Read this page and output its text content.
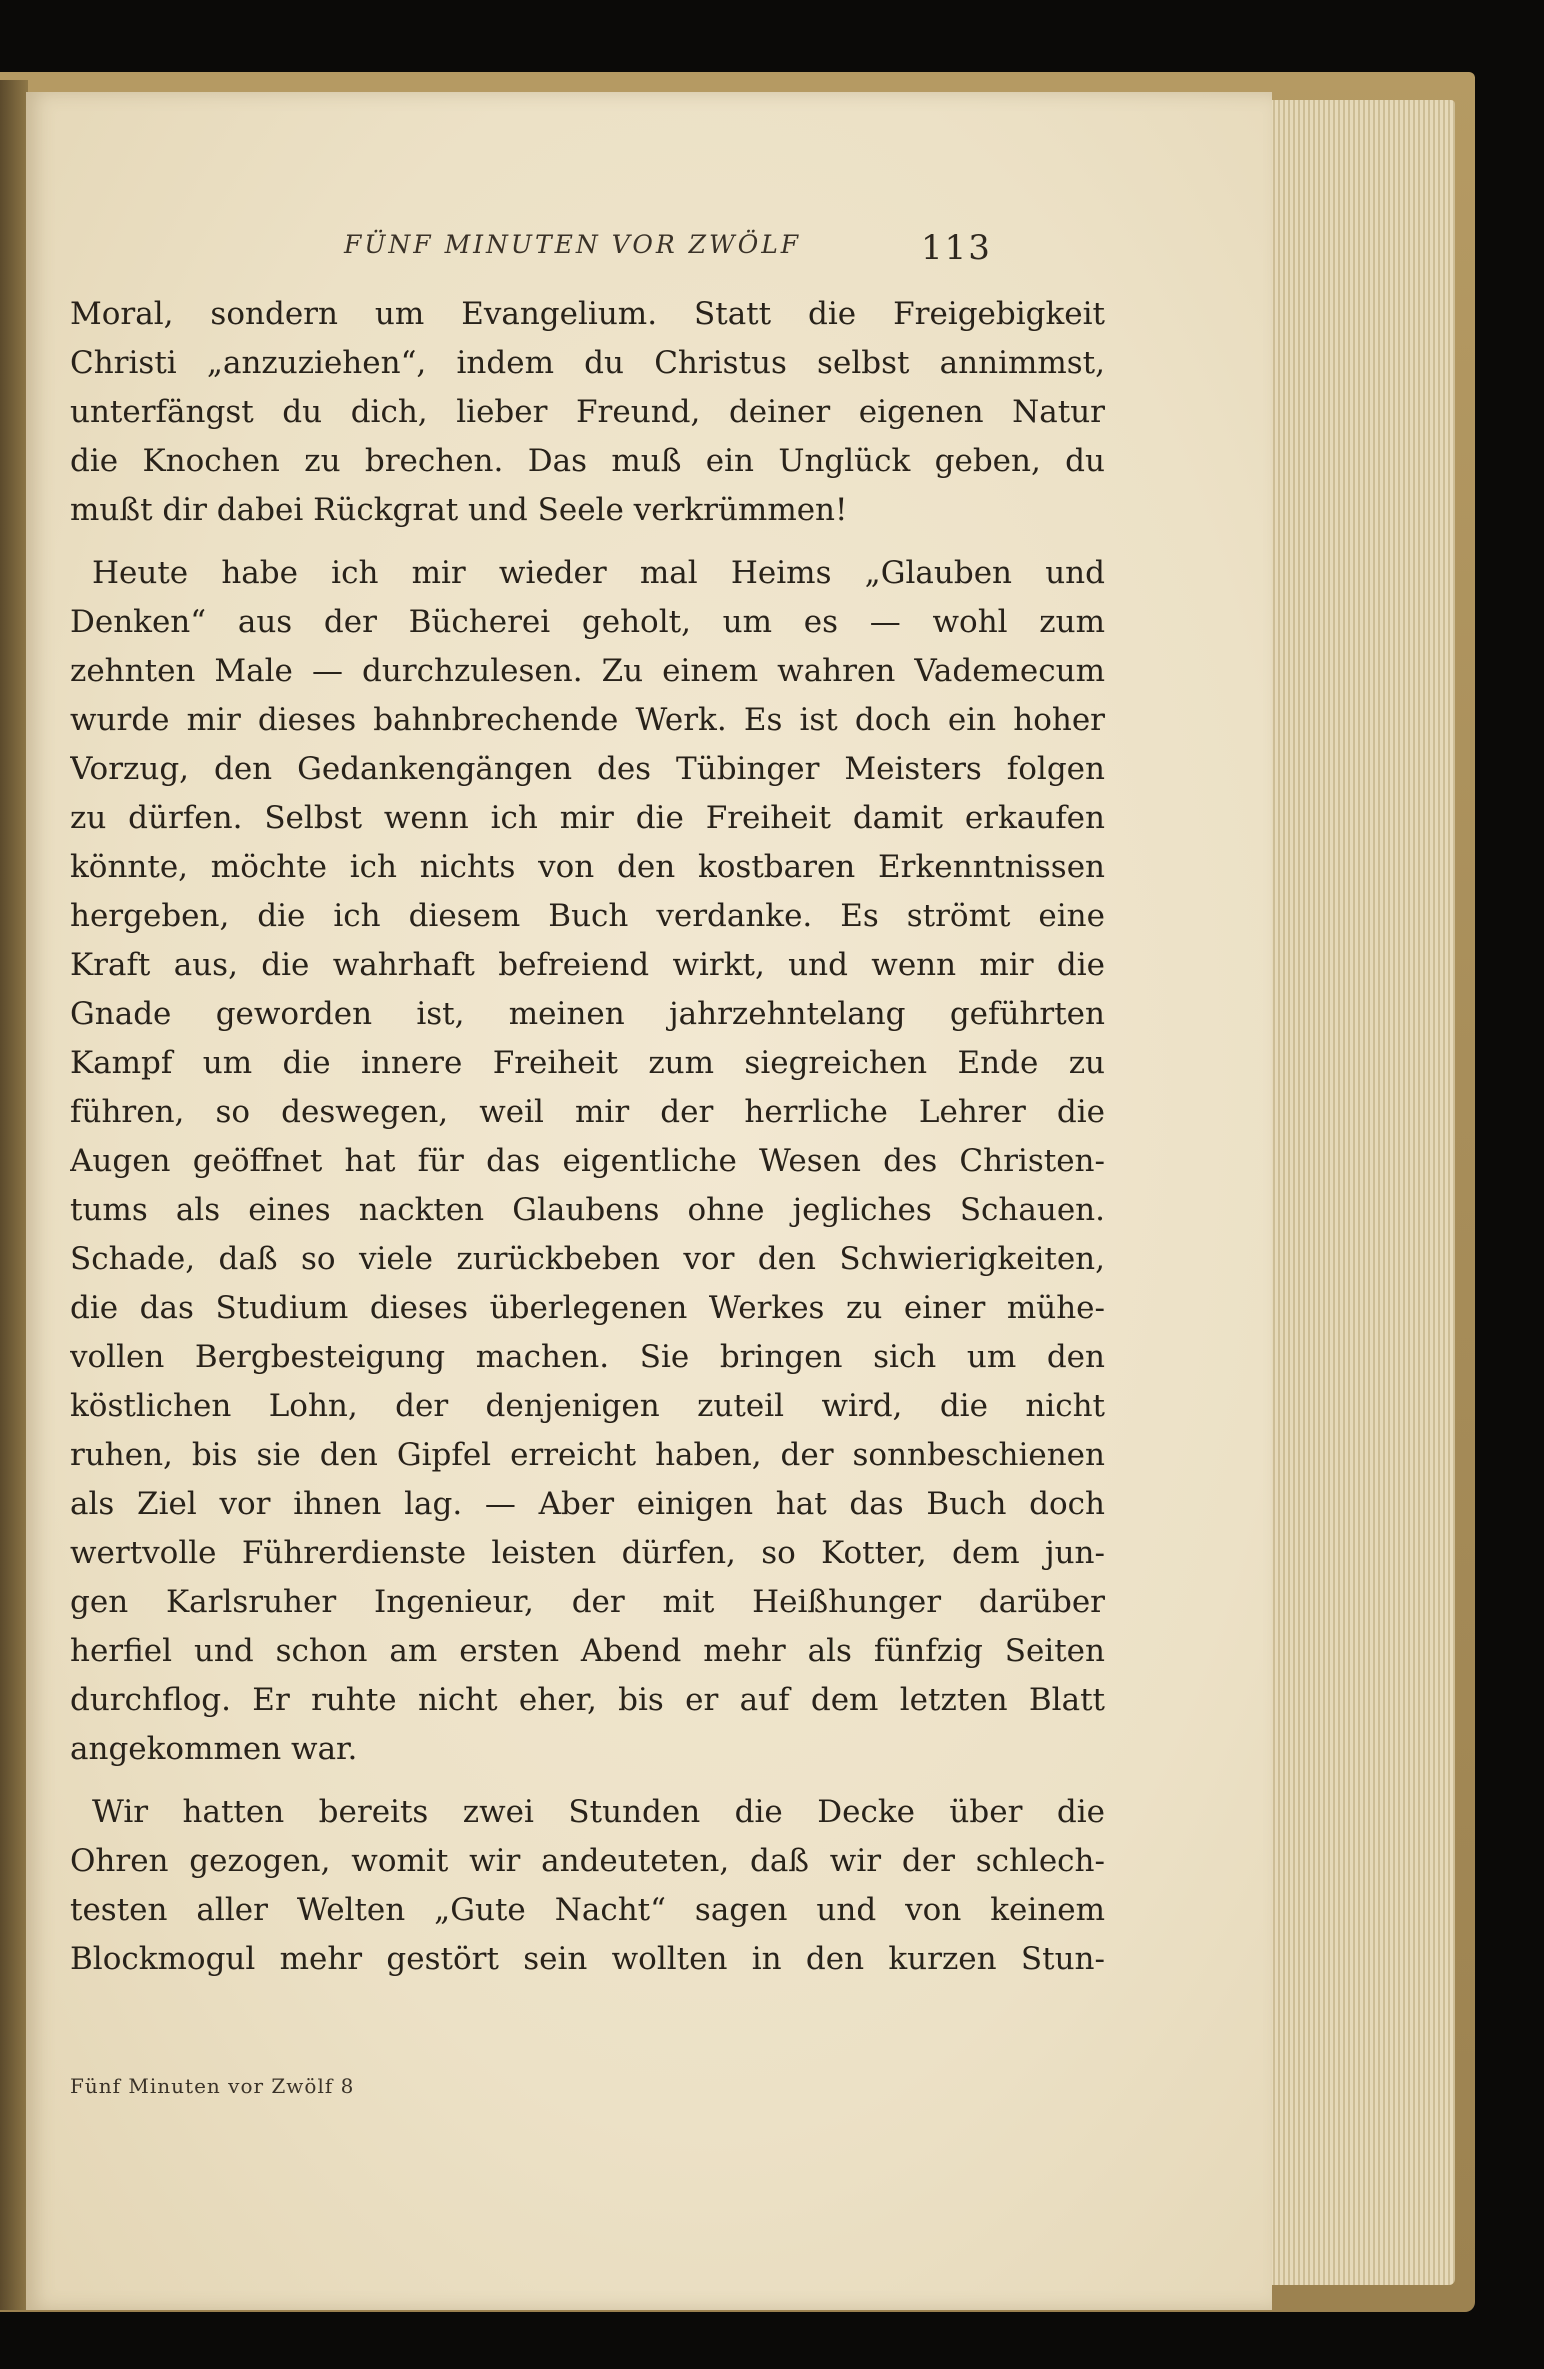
FÜNF MINUTEN VOR ZWÖLF	113
Moral, sondern um Evangelium. Statt die Freigebigkeit
Christi „anzuziehen“, indem du Christus selbst annimmst,
unterfängst du dich, lieber Freund, deiner eigenen Natur
die Knochen zu brechen. Das muß ein Unglück geben, du
mußt dir dabei Rückgrat und Seele verkrümmen!
Heute habe ich mir wieder mal Heims „Glauben und
Denken“ aus der Bücherei geholt, um es — wohl zum
zehnten Male — durchzulesen. Zu einem wahren Vademecum
wurde mir dieses bahnbrechende Werk. Es ist doch ein hoher
Vorzug, den Gedankengängen des Tübinger Meisters folgen
zu dürfen. Selbst wenn ich mir die Freiheit damit erkaufen
könnte, möchte ich nichts von den kostbaren Erkenntnissen
hergeben, die ich diesem Buch verdanke. Es strömt eine
Kraft aus, die wahrhaft befreiend wirkt, und wenn mir die
Gnade geworden ist, meinen jahrzehntelang geführten
Kampf um die innere Freiheit zum siegreichen Ende zu
führen, so deswegen, weil mir der herrliche Lehrer die
Augen geöffnet hat für das eigentliche Wesen des Christen-
tums als eines nackten Glaubens ohne jegliches Schauen.
Schade, daß so viele zurückbeben vor den Schwierigkeiten,
die das Studium dieses überlegenen Werkes zu einer mühe-
vollen Bergbesteigung machen. Sie bringen sich um den
köstlichen Lohn, der denjenigen zuteil wird, die nicht
ruhen, bis sie den Gipfel erreicht haben, der sonnbeschienen
als Ziel vor ihnen lag. — Aber einigen hat das Buch doch
wertvolle Führerdienste leisten dürfen, so Kotter, dem jun-
gen Karlsruher Ingenieur, der mit Heißhunger darüber
herfiel und schon am ersten Abend mehr als fünfzig Seiten
durchflog. Er ruhte nicht eher, bis er auf dem letzten Blatt
angekommen war.
Wir hatten bereits zwei Stunden die Decke über die
Ohren gezogen, womit wir andeuteten, daß wir der schlech-
testen aller Welten „Gute Nacht“ sagen und von keinem
Blockmogul mehr gestört sein wollten in den kurzen Stun-
Fünf Minuten vor Zwölf 8
